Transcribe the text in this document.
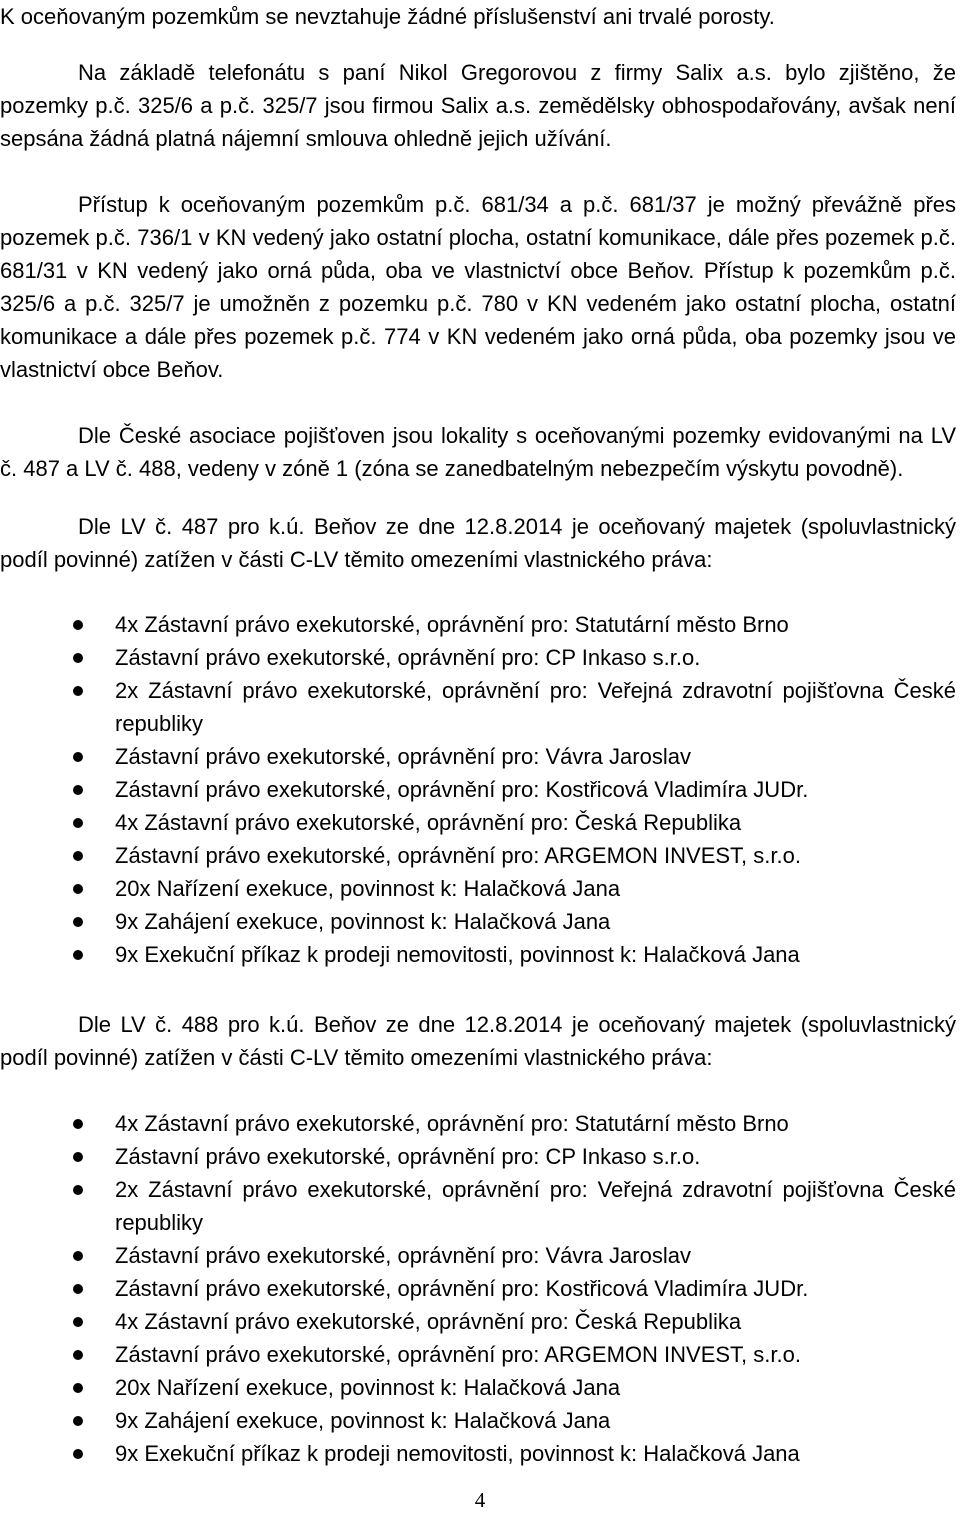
K oceňovaným pozemkům se nevztahuje žádné příslušenství ani trvalé porosty.

Na základě telefonátu s paní Nikol Gregorovou z firmy Salix a.s. bylo zjištěno, že pozemky p.č. 325/6 a p.č. 325/7 jsou firmou Salix a.s. zemědělsky obhospodařovány, avšak není sepsána žádná platná nájemní smlouva ohledně jejich užívání.

Přístup k oceňovaným pozemkům p.č. 681/34 a p.č. 681/37 je možný převážně přes pozemek p.č. 736/1 v KN vedený jako ostatní plocha, ostatní komunikace, dále přes pozemek p.č. 681/31 v KN vedený jako orná půda, oba ve vlastnictví obce Beňov. Přístup k pozemkům p.č. 325/6 a p.č. 325/7 je umožněn z pozemku p.č. 780 v KN vedeném jako ostatní plocha, ostatní komunikace a dále přes pozemek p.č. 774 v KN vedeném jako orná půda, oba pozemky jsou ve vlastnictví obce Beňov.

Dle České asociace pojišťoven jsou lokality s oceňovanými pozemky evidovanými na LV č. 487 a LV č. 488, vedeny v zóně 1 (zóna se zanedbatelným nebezpečím výskytu povodně).

Dle LV č. 487 pro k.ú. Beňov ze dne 12.8.2014 je oceňovaný majetek (spoluvlastnický podíl povinné) zatížen v části C-LV těmito omezeními vlastnického práva:

4x Zástavní právo exekutorské, oprávnění pro: Statutární město Brno
Zástavní právo exekutorské, oprávnění pro: CP Inkaso s.r.o.
2x Zástavní právo exekutorské, oprávnění pro: Veřejná zdravotní pojišťovna České republiky
Zástavní právo exekutorské, oprávnění pro: Vávra Jaroslav
Zástavní právo exekutorské, oprávnění pro: Kostřicová Vladimíra JUDr.
4x Zástavní právo exekutorské, oprávnění pro: Česká Republika
Zástavní právo exekutorské, oprávnění pro: ARGEMON INVEST, s.r.o.
20x Nařízení exekuce, povinnost k: Halačková Jana
9x Zahájení exekuce, povinnost k: Halačková Jana
9x Exekuční příkaz k prodeji nemovitosti, povinnost k: Halačková Jana

Dle LV č. 488 pro k.ú. Beňov ze dne 12.8.2014 je oceňovaný majetek (spoluvlastnický podíl povinné) zatížen v části C-LV těmito omezeními vlastnického práva:

4x Zástavní právo exekutorské, oprávnění pro: Statutární město Brno
Zástavní právo exekutorské, oprávnění pro: CP Inkaso s.r.o.
2x Zástavní právo exekutorské, oprávnění pro: Veřejná zdravotní pojišťovna České republiky
Zástavní právo exekutorské, oprávnění pro: Vávra Jaroslav
Zástavní právo exekutorské, oprávnění pro: Kostřicová Vladimíra JUDr.
4x Zástavní právo exekutorské, oprávnění pro: Česká Republika
Zástavní právo exekutorské, oprávnění pro: ARGEMON INVEST, s.r.o.
20x Nařízení exekuce, povinnost k: Halačková Jana
9x Zahájení exekuce, povinnost k: Halačková Jana
9x Exekuční příkaz k prodeji nemovitosti, povinnost k: Halačková Jana
4
